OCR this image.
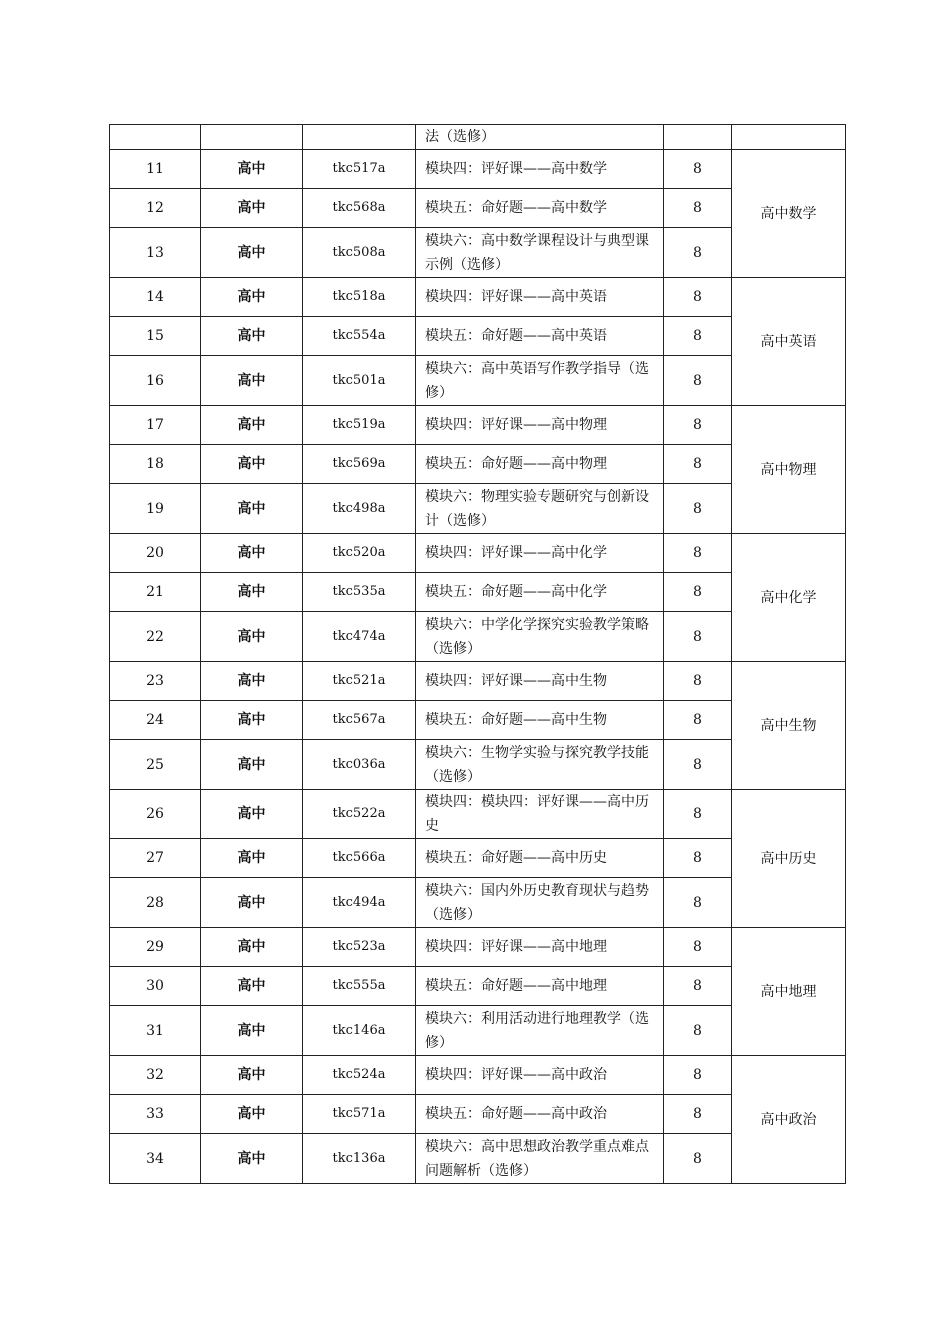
			法（选修）		
11	高中	tkc517a	模块四：评好课——高中数学	8	高中数学
12	高中	tkc568a	模块五：命好题——高中数学	8	
13	高中	tkc508a	模块六：高中数学课程设计与典型课示例（选修）	8	
14	高中	tkc518a	模块四：评好课——高中英语	8	高中英语
15	高中	tkc554a	模块五：命好题——高中英语	8	
16	高中	tkc501a	模块六：高中英语写作教学指导（选修）	8	
17	高中	tkc519a	模块四：评好课——高中物理	8	高中物理
18	高中	tkc569a	模块五：命好题——高中物理	8	
19	高中	tkc498a	模块六：物理实验专题研究与创新设计（选修）	8	
20	高中	tkc520a	模块四：评好课——高中化学	8	高中化学
21	高中	tkc535a	模块五：命好题——高中化学	8	
22	高中	tkc474a	模块六：中学化学探究实验教学策略（选修）	8	
23	高中	tkc521a	模块四：评好课——高中生物	8	高中生物
24	高中	tkc567a	模块五：命好题——高中生物	8	
25	高中	tkc036a	模块六：生物学实验与探究教学技能（选修）	8	
26	高中	tkc522a	模块四：模块四：评好课——高中历史	8	高中历史
27	高中	tkc566a	模块五：命好题——高中历史	8	
28	高中	tkc494a	模块六：国内外历史教育现状与趋势（选修）	8	
29	高中	tkc523a	模块四：评好课——高中地理	8	高中地理
30	高中	tkc555a	模块五：命好题——高中地理	8	
31	高中	tkc146a	模块六：利用活动进行地理教学（选修）	8	
32	高中	tkc524a	模块四：评好课——高中政治	8	高中政治
33	高中	tkc571a	模块五：命好题——高中政治	8	
34	高中	tkc136a	模块六：高中思想政治教学重点难点问题解析（选修）	8	
